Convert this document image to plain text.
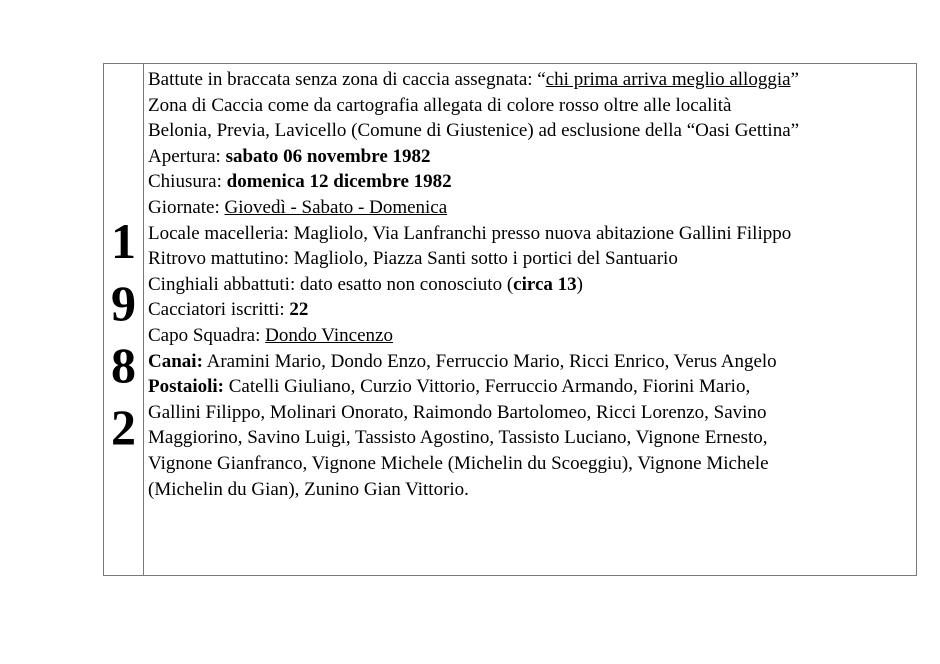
1
9
8
2
Battute in braccata senza zona di caccia assegnata: “chi prima arriva meglio alloggia”
Zona di Caccia come da cartografia allegata di colore rosso oltre alle località
Belonia, Previa, Lavicello (Comune di Giustenice) ad esclusione della “Oasi Gettina”
Apertura: sabato 06 novembre 1982
Chiusura: domenica 12 dicembre 1982
Giornate: Giovedì - Sabato - Domenica
Locale macelleria: Magliolo, Via Lanfranchi presso nuova abitazione Gallini Filippo
Ritrovo mattutino: Magliolo, Piazza Santi sotto i portici del Santuario
Cinghiali abbattuti: dato esatto non conosciuto (circa 13)
Cacciatori iscritti: 22
Capo Squadra: Dondo Vincenzo
Canai: Aramini Mario, Dondo Enzo, Ferruccio Mario, Ricci Enrico, Verus Angelo
Postaioli: Catelli Giuliano, Curzio Vittorio, Ferruccio Armando, Fiorini Mario,
Gallini Filippo, Molinari Onorato, Raimondo Bartolomeo, Ricci Lorenzo, Savino
Maggiorino, Savino Luigi, Tassisto Agostino, Tassisto Luciano, Vignone Ernesto,
Vignone Gianfranco, Vignone Michele (Michelin du Scoeggiu), Vignone Michele
(Michelin du Gian), Zunino Gian Vittorio.
